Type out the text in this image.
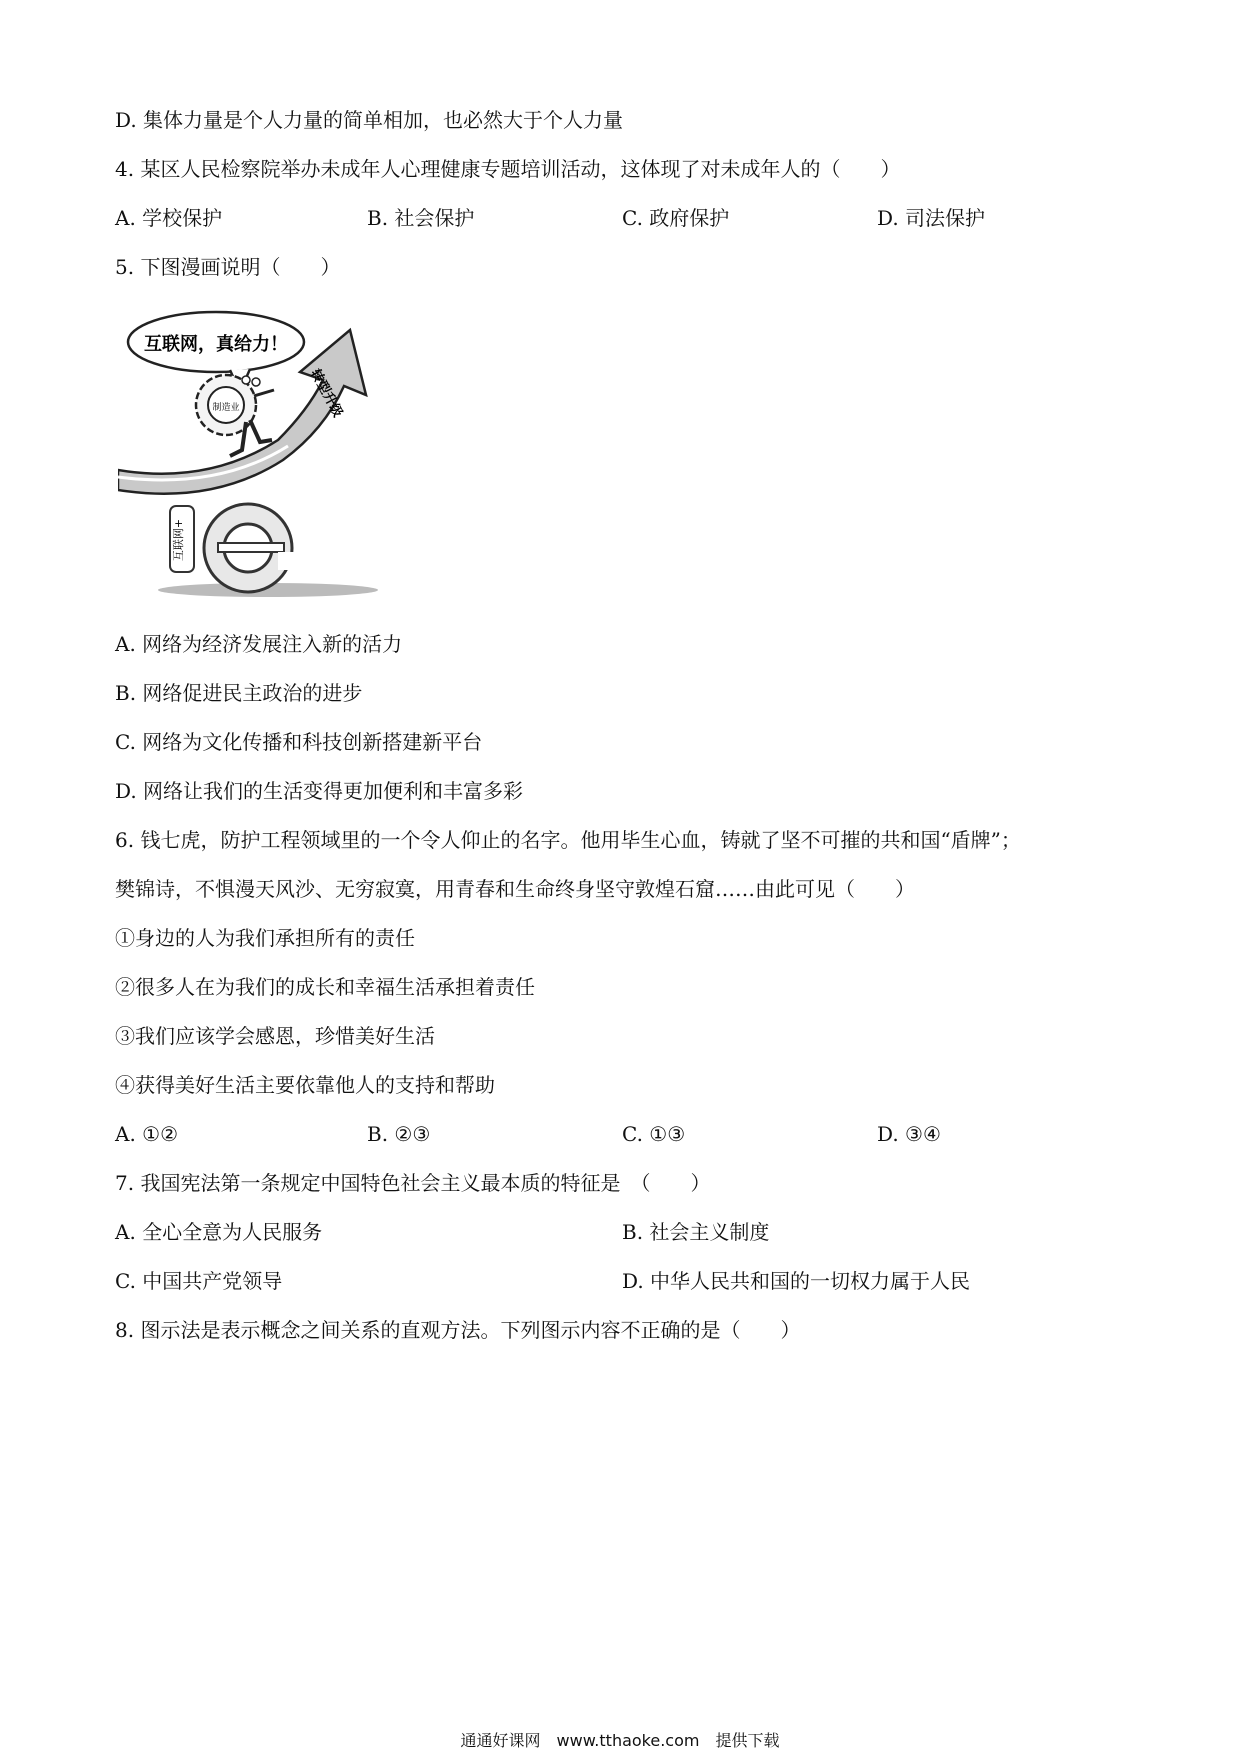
D. 集体力量是个人力量的简单相加，也必然大于个人力量
4. 某区人民检察院举办未成年人心理健康专题培训活动，这体现了对未成年人的（　　）
A. 学校保护	B. 社会保护	C. 政府保护	D. 司法保护
5. 下图漫画说明（　　）
互联网，真给力！
互联网+
转型升级
制造业
A. 网络为经济发展注入新的活力
B. 网络促进民主政治的进步
C. 网络为文化传播和科技创新搭建新平台
D. 网络让我们的生活变得更加便利和丰富多彩
6. 钱七虎，防护工程领域里的一个令人仰止的名字。他用毕生心血，铸就了坚不可摧的共和国“盾牌”；
樊锦诗，不惧漫天风沙、无穷寂寞，用青春和生命终身坚守敦煌石窟……由此可见（　　）
①身边的人为我们承担所有的责任
②很多人在为我们的成长和幸福生活承担着责任
③我们应该学会感恩，珍惜美好生活
④获得美好生活主要依靠他人的支持和帮助
A. ①②	B. ②③	C. ①③	D. ③④
7. 我国宪法第一条规定中国特色社会主义最本质的特征是　（　　）
A. 全心全意为人民服务	B. 社会主义制度
C. 中国共产党领导	D. 中华人民共和国的一切权力属于人民
8. 图示法是表示概念之间关系的直观方法。下列图示内容不正确的是（　　）
通通好课网　www.tthaoke.com　提供下载
